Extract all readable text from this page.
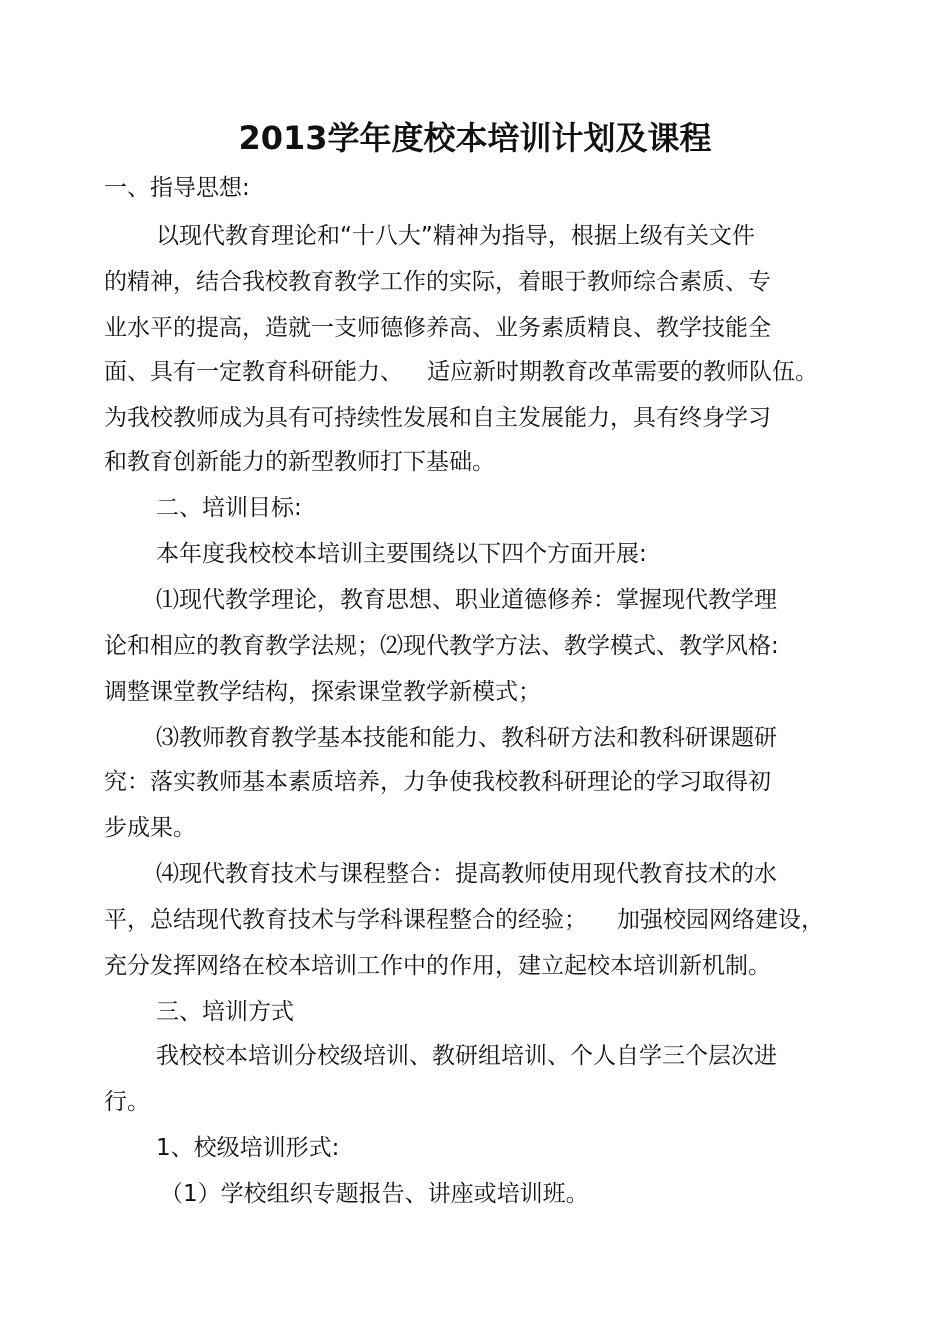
2013学年度校本培训计划及课程
一、指导思想:
以现代教育理论和“十八大”精神为指导，根据上级有关文件
的精神，结合我校教育教学工作的实际，着眼于教师综合素质、专
业水平的提高，造就一支师德修养高、业务素质精良、教学技能全
面、具有一定教育科研能力、 适应新时期教育改革需要的教师队伍。
为我校教师成为具有可持续性发展和自主发展能力，具有终身学习
和教育创新能力的新型教师打下基础。
二、培训目标:
本年度我校校本培训主要围绕以下四个方面开展:
⑴现代教学理论，教育思想、职业道德修养：掌握现代教学理
论和相应的教育教学法规；⑵现代教学方法、教学模式、教学风格:
调整课堂教学结构，探索课堂教学新模式；
⑶教师教育教学基本技能和能力、教科研方法和教科研课题研
究：落实教师基本素质培养，力争使我校教科研理论的学习取得初
步成果。
⑷现代教育技术与课程整合：提高教师使用现代教育技术的水
平，总结现代教育技术与学科课程整合的经验； 加强校园网络建设，
充分发挥网络在校本培训工作中的作用，建立起校本培训新机制。
三、培训方式
我校校本培训分校级培训、教研组培训、个人自学三个层次进
行。
1、校级培训形式:
（1）学校组织专题报告、讲座或培训班。
